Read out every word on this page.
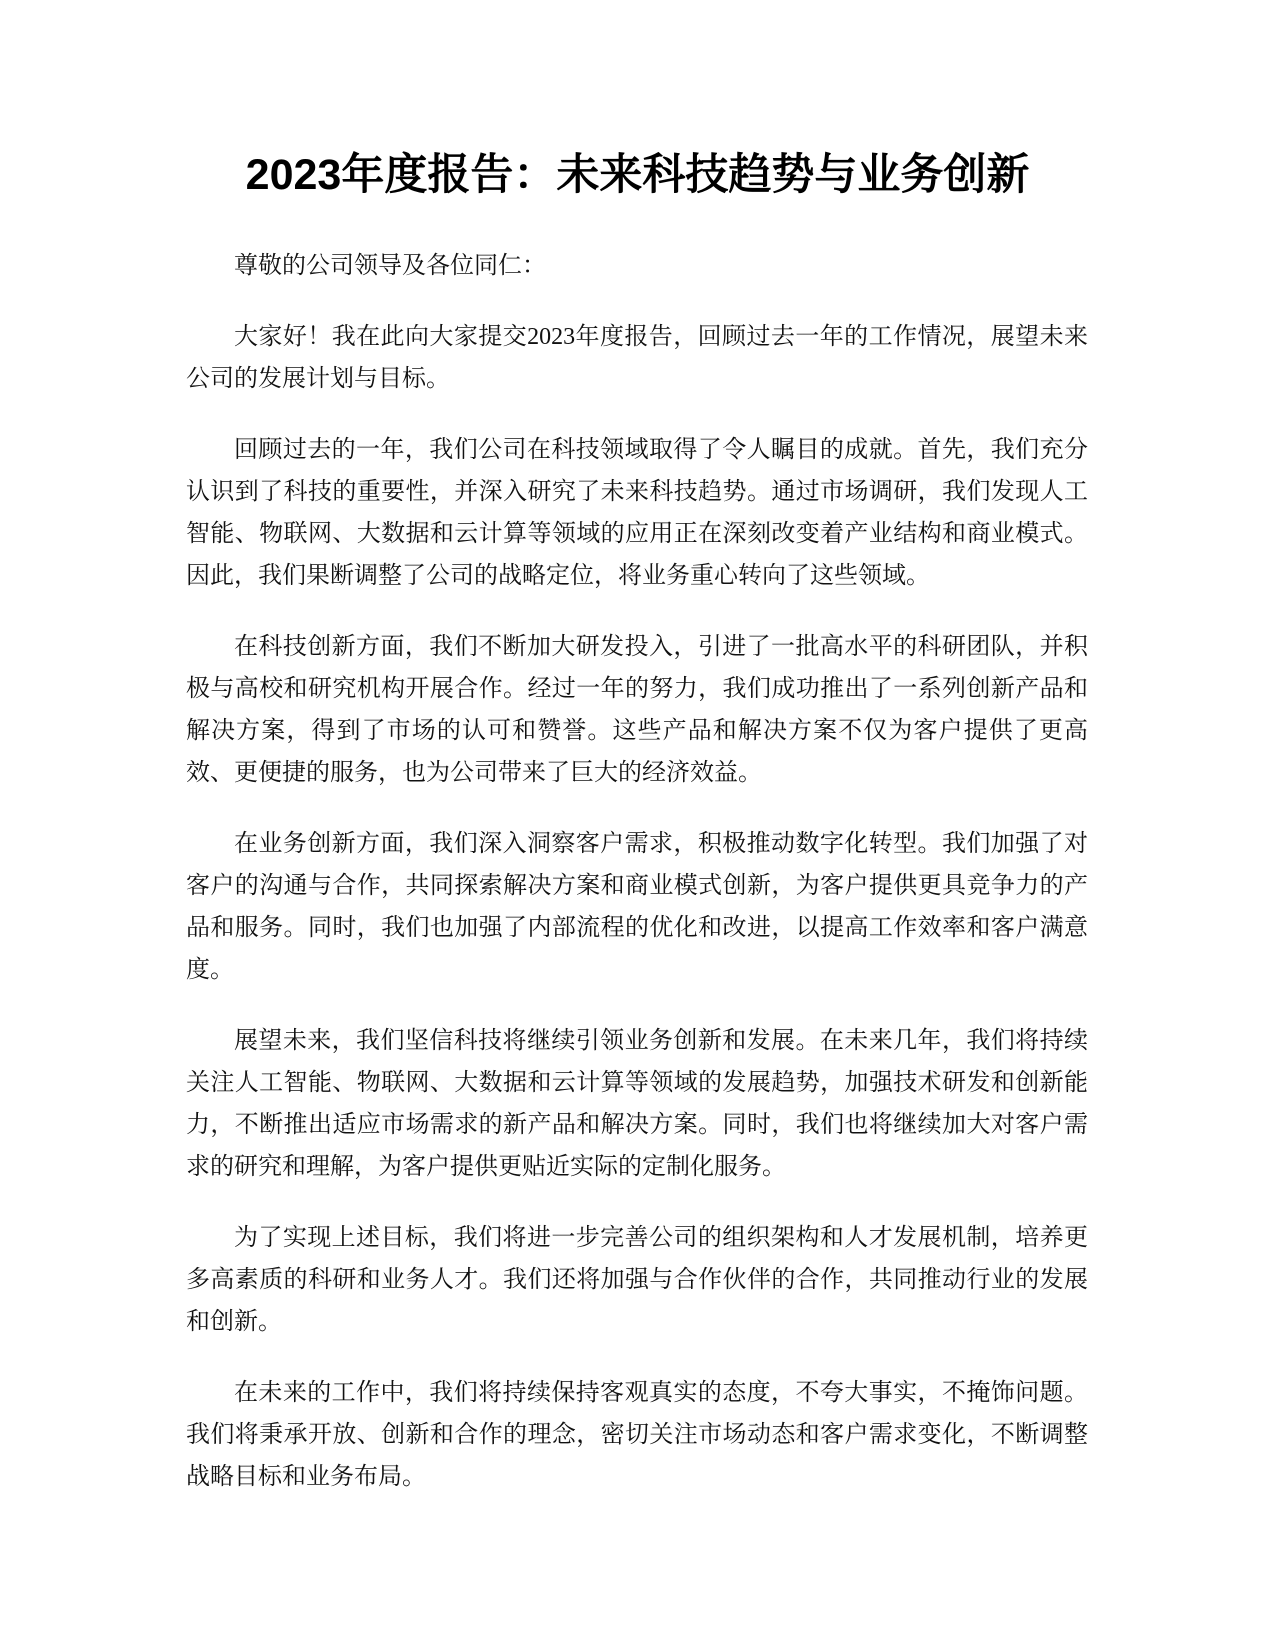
2023年度报告：未来科技趋势与业务创新

尊敬的公司领导及各位同仁：

大家好！我在此向大家提交2023年度报告，回顾过去一年的工作情况，展望未来公司的发展计划与目标。

回顾过去的一年，我们公司在科技领域取得了令人瞩目的成就。首先，我们充分认识到了科技的重要性，并深入研究了未来科技趋势。通过市场调研，我们发现人工智能、物联网、大数据和云计算等领域的应用正在深刻改变着产业结构和商业模式。因此，我们果断调整了公司的战略定位，将业务重心转向了这些领域。

在科技创新方面，我们不断加大研发投入，引进了一批高水平的科研团队，并积极与高校和研究机构开展合作。经过一年的努力，我们成功推出了一系列创新产品和解决方案，得到了市场的认可和赞誉。这些产品和解决方案不仅为客户提供了更高效、更便捷的服务，也为公司带来了巨大的经济效益。

在业务创新方面，我们深入洞察客户需求，积极推动数字化转型。我们加强了对客户的沟通与合作，共同探索解决方案和商业模式创新，为客户提供更具竞争力的产品和服务。同时，我们也加强了内部流程的优化和改进，以提高工作效率和客户满意度。

展望未来，我们坚信科技将继续引领业务创新和发展。在未来几年，我们将持续关注人工智能、物联网、大数据和云计算等领域的发展趋势，加强技术研发和创新能力，不断推出适应市场需求的新产品和解决方案。同时，我们也将继续加大对客户需求的研究和理解，为客户提供更贴近实际的定制化服务。

为了实现上述目标，我们将进一步完善公司的组织架构和人才发展机制，培养更多高素质的科研和业务人才。我们还将加强与合作伙伴的合作，共同推动行业的发展和创新。

在未来的工作中，我们将持续保持客观真实的态度，不夸大事实，不掩饰问题。我们将秉承开放、创新和合作的理念，密切关注市场动态和客户需求变化，不断调整战略目标和业务布局。
